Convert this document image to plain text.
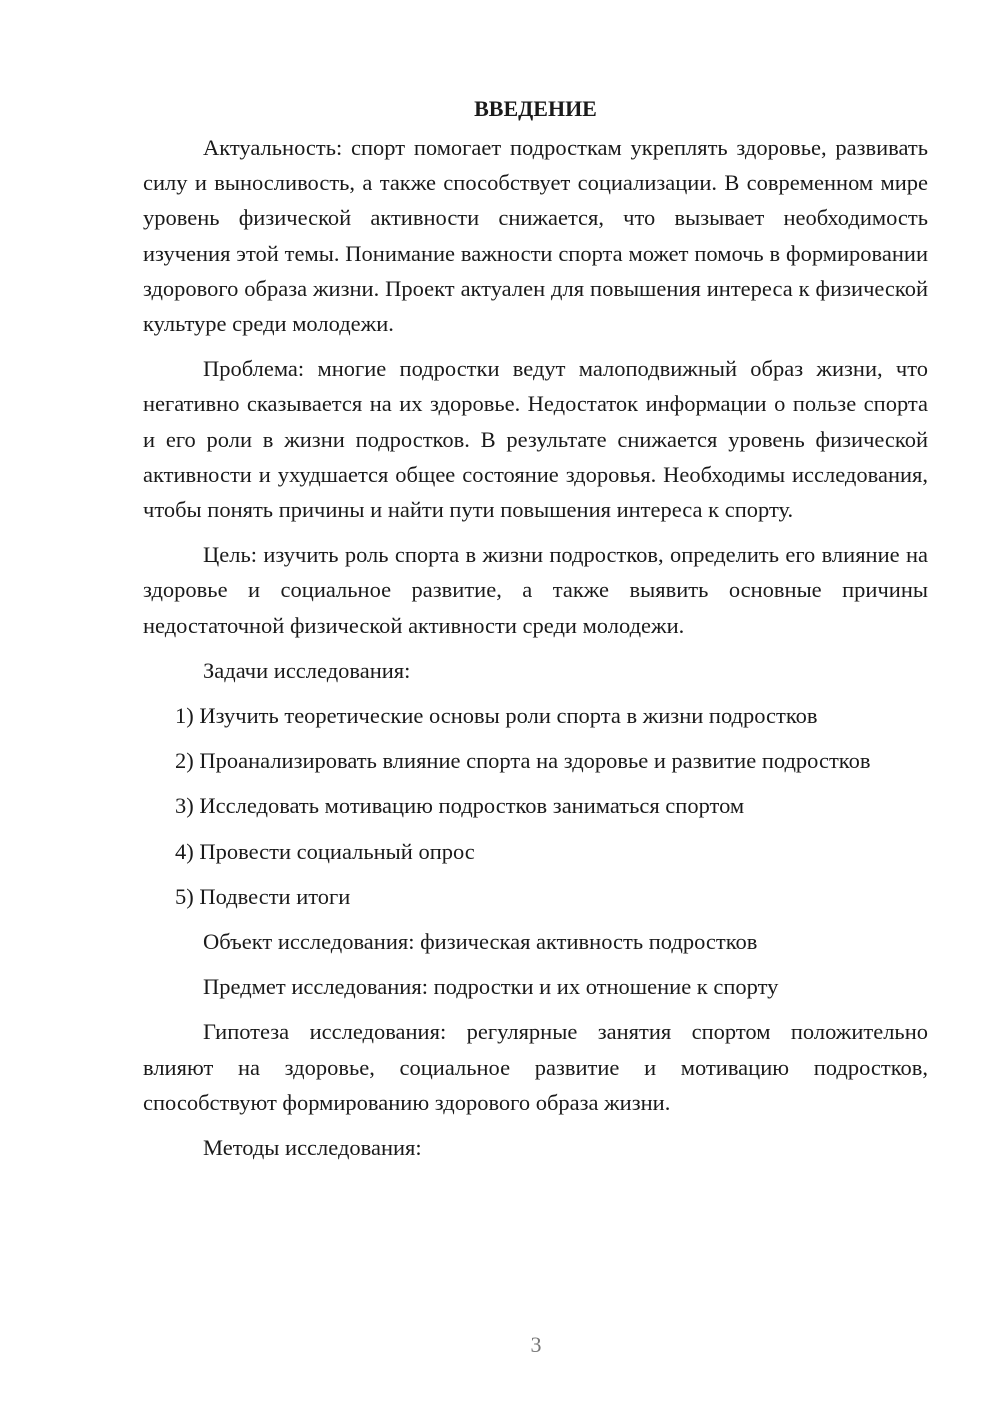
ВВЕДЕНИЕ

Актуальность: спорт помогает подросткам укреплять здоровье, развивать силу и выносливость, а также способствует социализации. В современном мире уровень физической активности снижается, что вызывает необходимость изучения этой темы. Понимание важности спорта может помочь в формировании здорового образа жизни. Проект актуален для повышения интереса к физической культуре среди молодежи.

Проблема: многие подростки ведут малоподвижный образ жизни, что негативно сказывается на их здоровье. Недостаток информации о пользе спорта и его роли в жизни подростков. В результате снижается уровень физической активности и ухудшается общее состояние здоровья. Необходимы исследования, чтобы понять причины и найти пути повышения интереса к спорту.

Цель: изучить роль спорта в жизни подростков, определить его влияние на здоровье и социальное развитие, а также выявить основные причины недостаточной физической активности среди молодежи.

Задачи исследования:

1) Изучить теоретические основы роли спорта в жизни подростков

2) Проанализировать влияние спорта на здоровье и развитие подростков

3) Исследовать мотивацию подростков заниматься спортом

4) Провести социальный опрос

5) Подвести итоги

Объект исследования: физическая активность подростков

Предмет исследования: подростки и их отношение к спорту

Гипотеза исследования: регулярные занятия спортом положительно влияют на здоровье, социальное развитие и мотивацию подростков, способствуют формированию здорового образа жизни.

Методы исследования:

3
